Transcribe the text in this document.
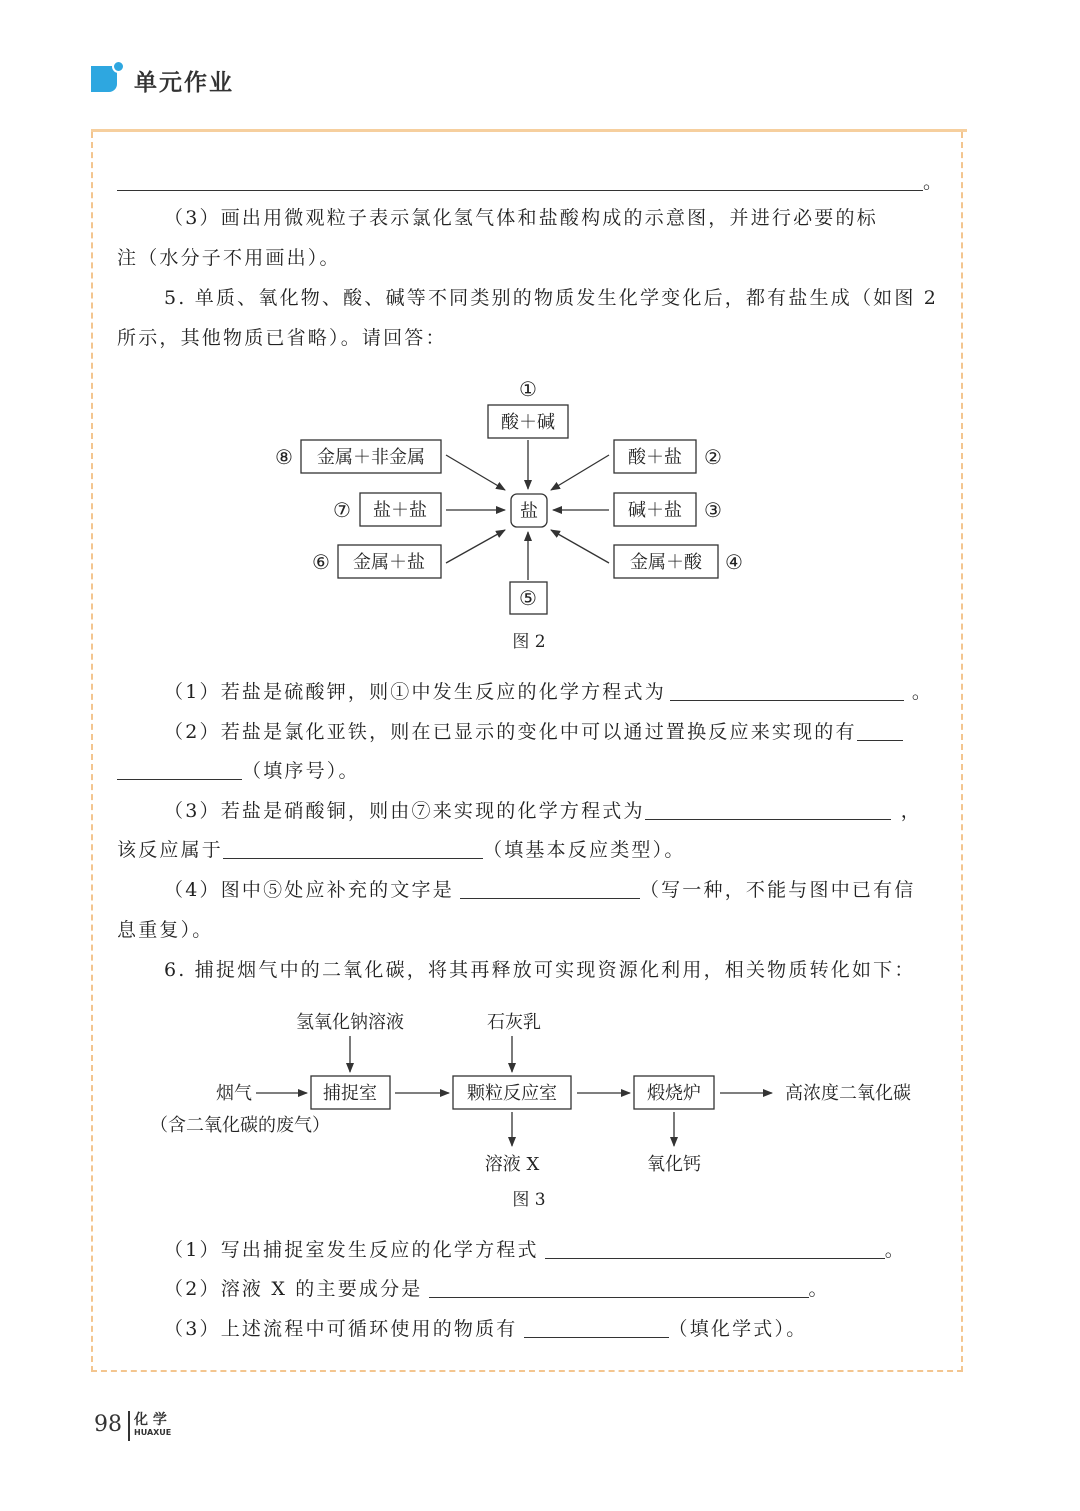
单元作业
。
（3）画出用微观粒子表示氯化氢气体和盐酸构成的示意图，并进行必要的标
注（水分子不用画出）。
5. 单质、氧化物、酸、碱等不同类别的物质发生化学变化后，都有盐生成（如图 2
所示，其他物质已省略）。请回答：
酸＋碱
酸＋盐
碱＋盐
金属＋酸
⑤
金属＋盐
盐＋盐
金属＋非金属
盐
①
②
③
④
⑥
⑦
⑧
图 2
（1）若盐是硫酸钾，则①中发生反应的化学方程式为	。
（2）若盐是氯化亚铁，则在已显示的变化中可以通过置换反应来实现的有
（填序号）。
（3）若盐是硝酸铜，则由⑦来实现的化学方程式为	，
该反应属于	（填基本反应类型）。
（4）图中⑤处应补充的文字是	（写一种，不能与图中已有信
息重复）。
6. 捕捉烟气中的二氧化碳，将其再释放可实现资源化利用，相关物质转化如下：
捕捉室	颗粒反应室	煅烧炉
烟气
（含二氧化碳的废气）
氢氧化钠溶液	石灰乳
高浓度二氧化碳
溶液 X	氧化钙
图 3
（1）写出捕捉室发生反应的化学方程式	。
（2）溶液 X 的主要成分是	。
（3）上述流程中可循环使用的物质有	（填化学式）。
98 化 学
HUAXUE
